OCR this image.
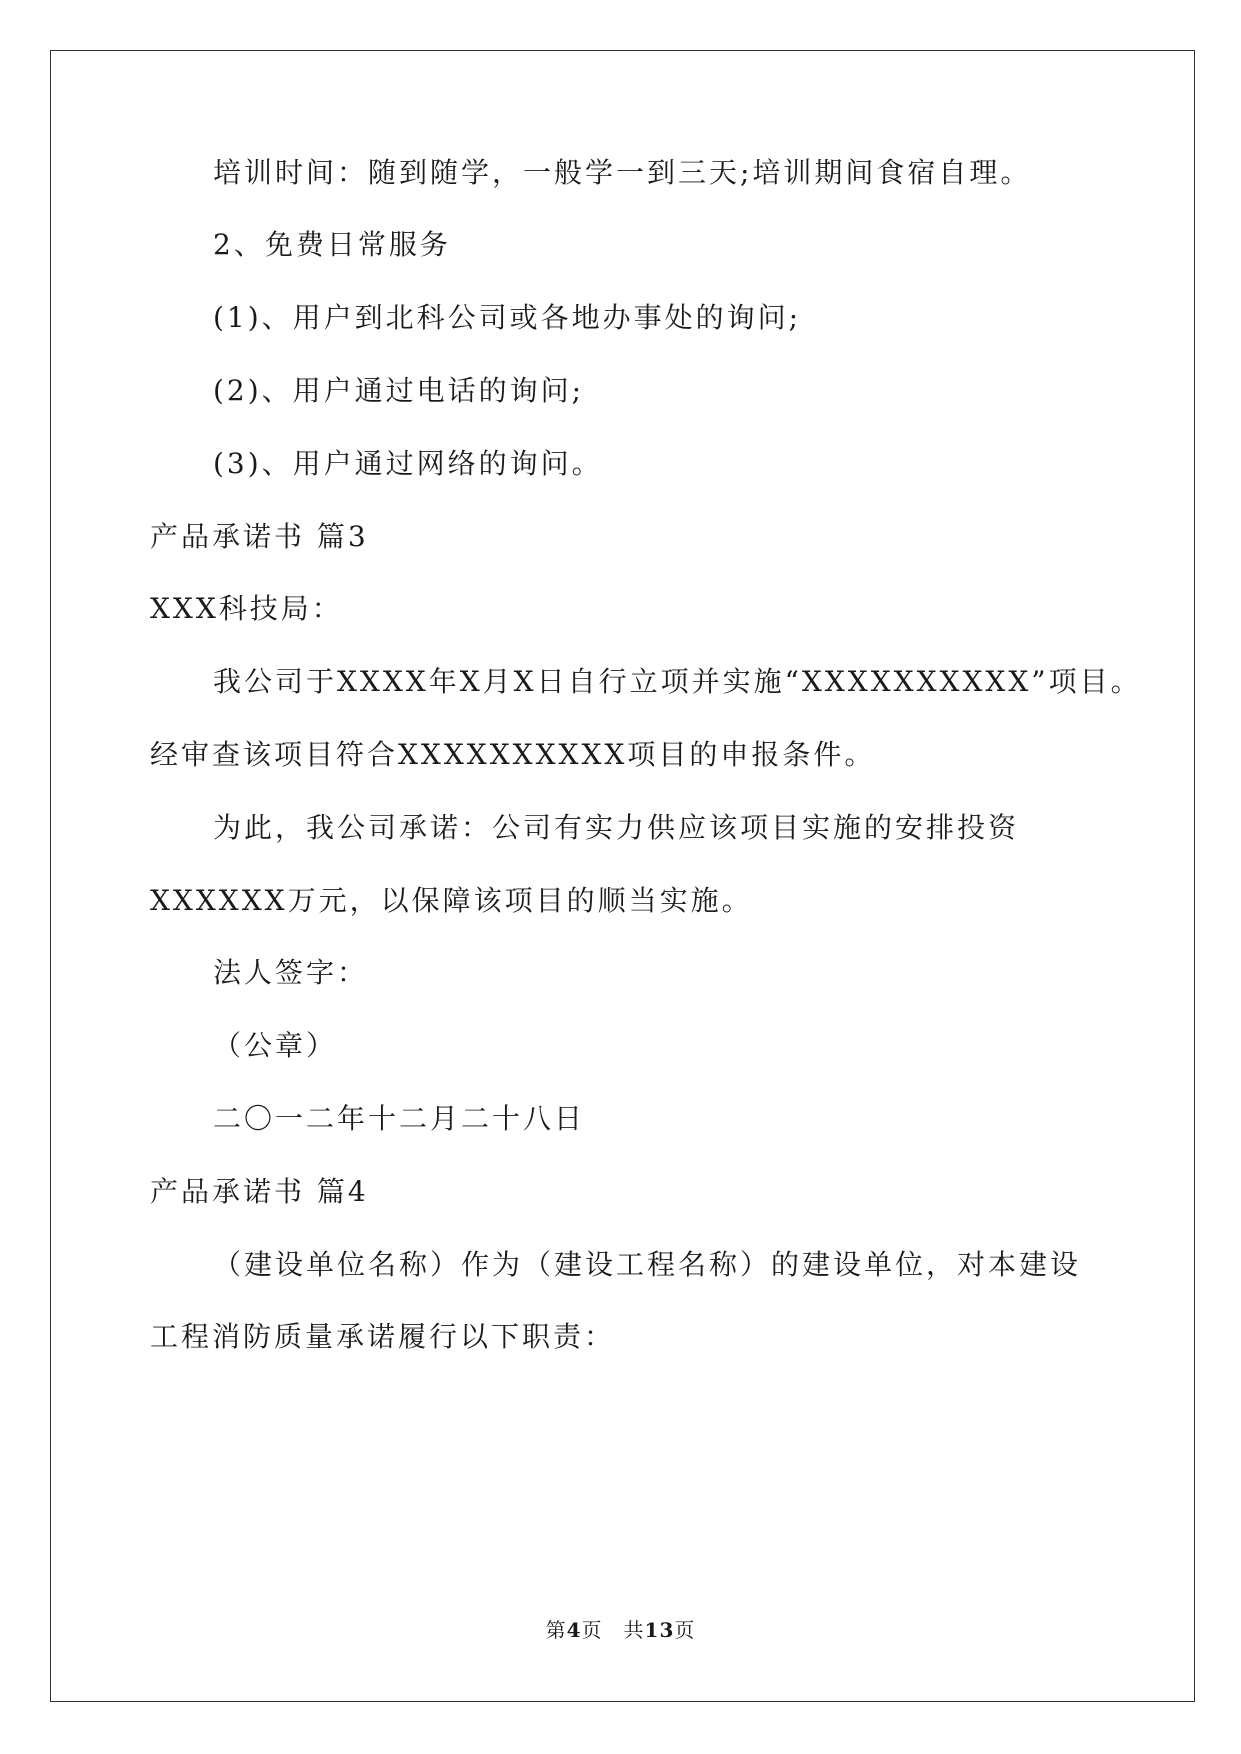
培训时间：随到随学，一般学一到三天;培训期间食宿自理。
2、免费日常服务
(1)、用户到北科公司或各地办事处的询问;
(2)、用户通过电话的询问;
(3)、用户通过网络的询问。
产品承诺书 篇3
XXX科技局：
我公司于XXXX年X月X日自行立项并实施“XXXXXXXXXX”项目。
经审查该项目符合XXXXXXXXXX项目的申报条件。
为此，我公司承诺：公司有实力供应该项目实施的安排投资
XXXXXX万元，以保障该项目的顺当实施。
法人签字：
（公章）
二〇一二年十二月二十八日
产品承诺书 篇4
（建设单位名称）作为（建设工程名称）的建设单位，对本建设
工程消防质量承诺履行以下职责：
第4页　共13页
